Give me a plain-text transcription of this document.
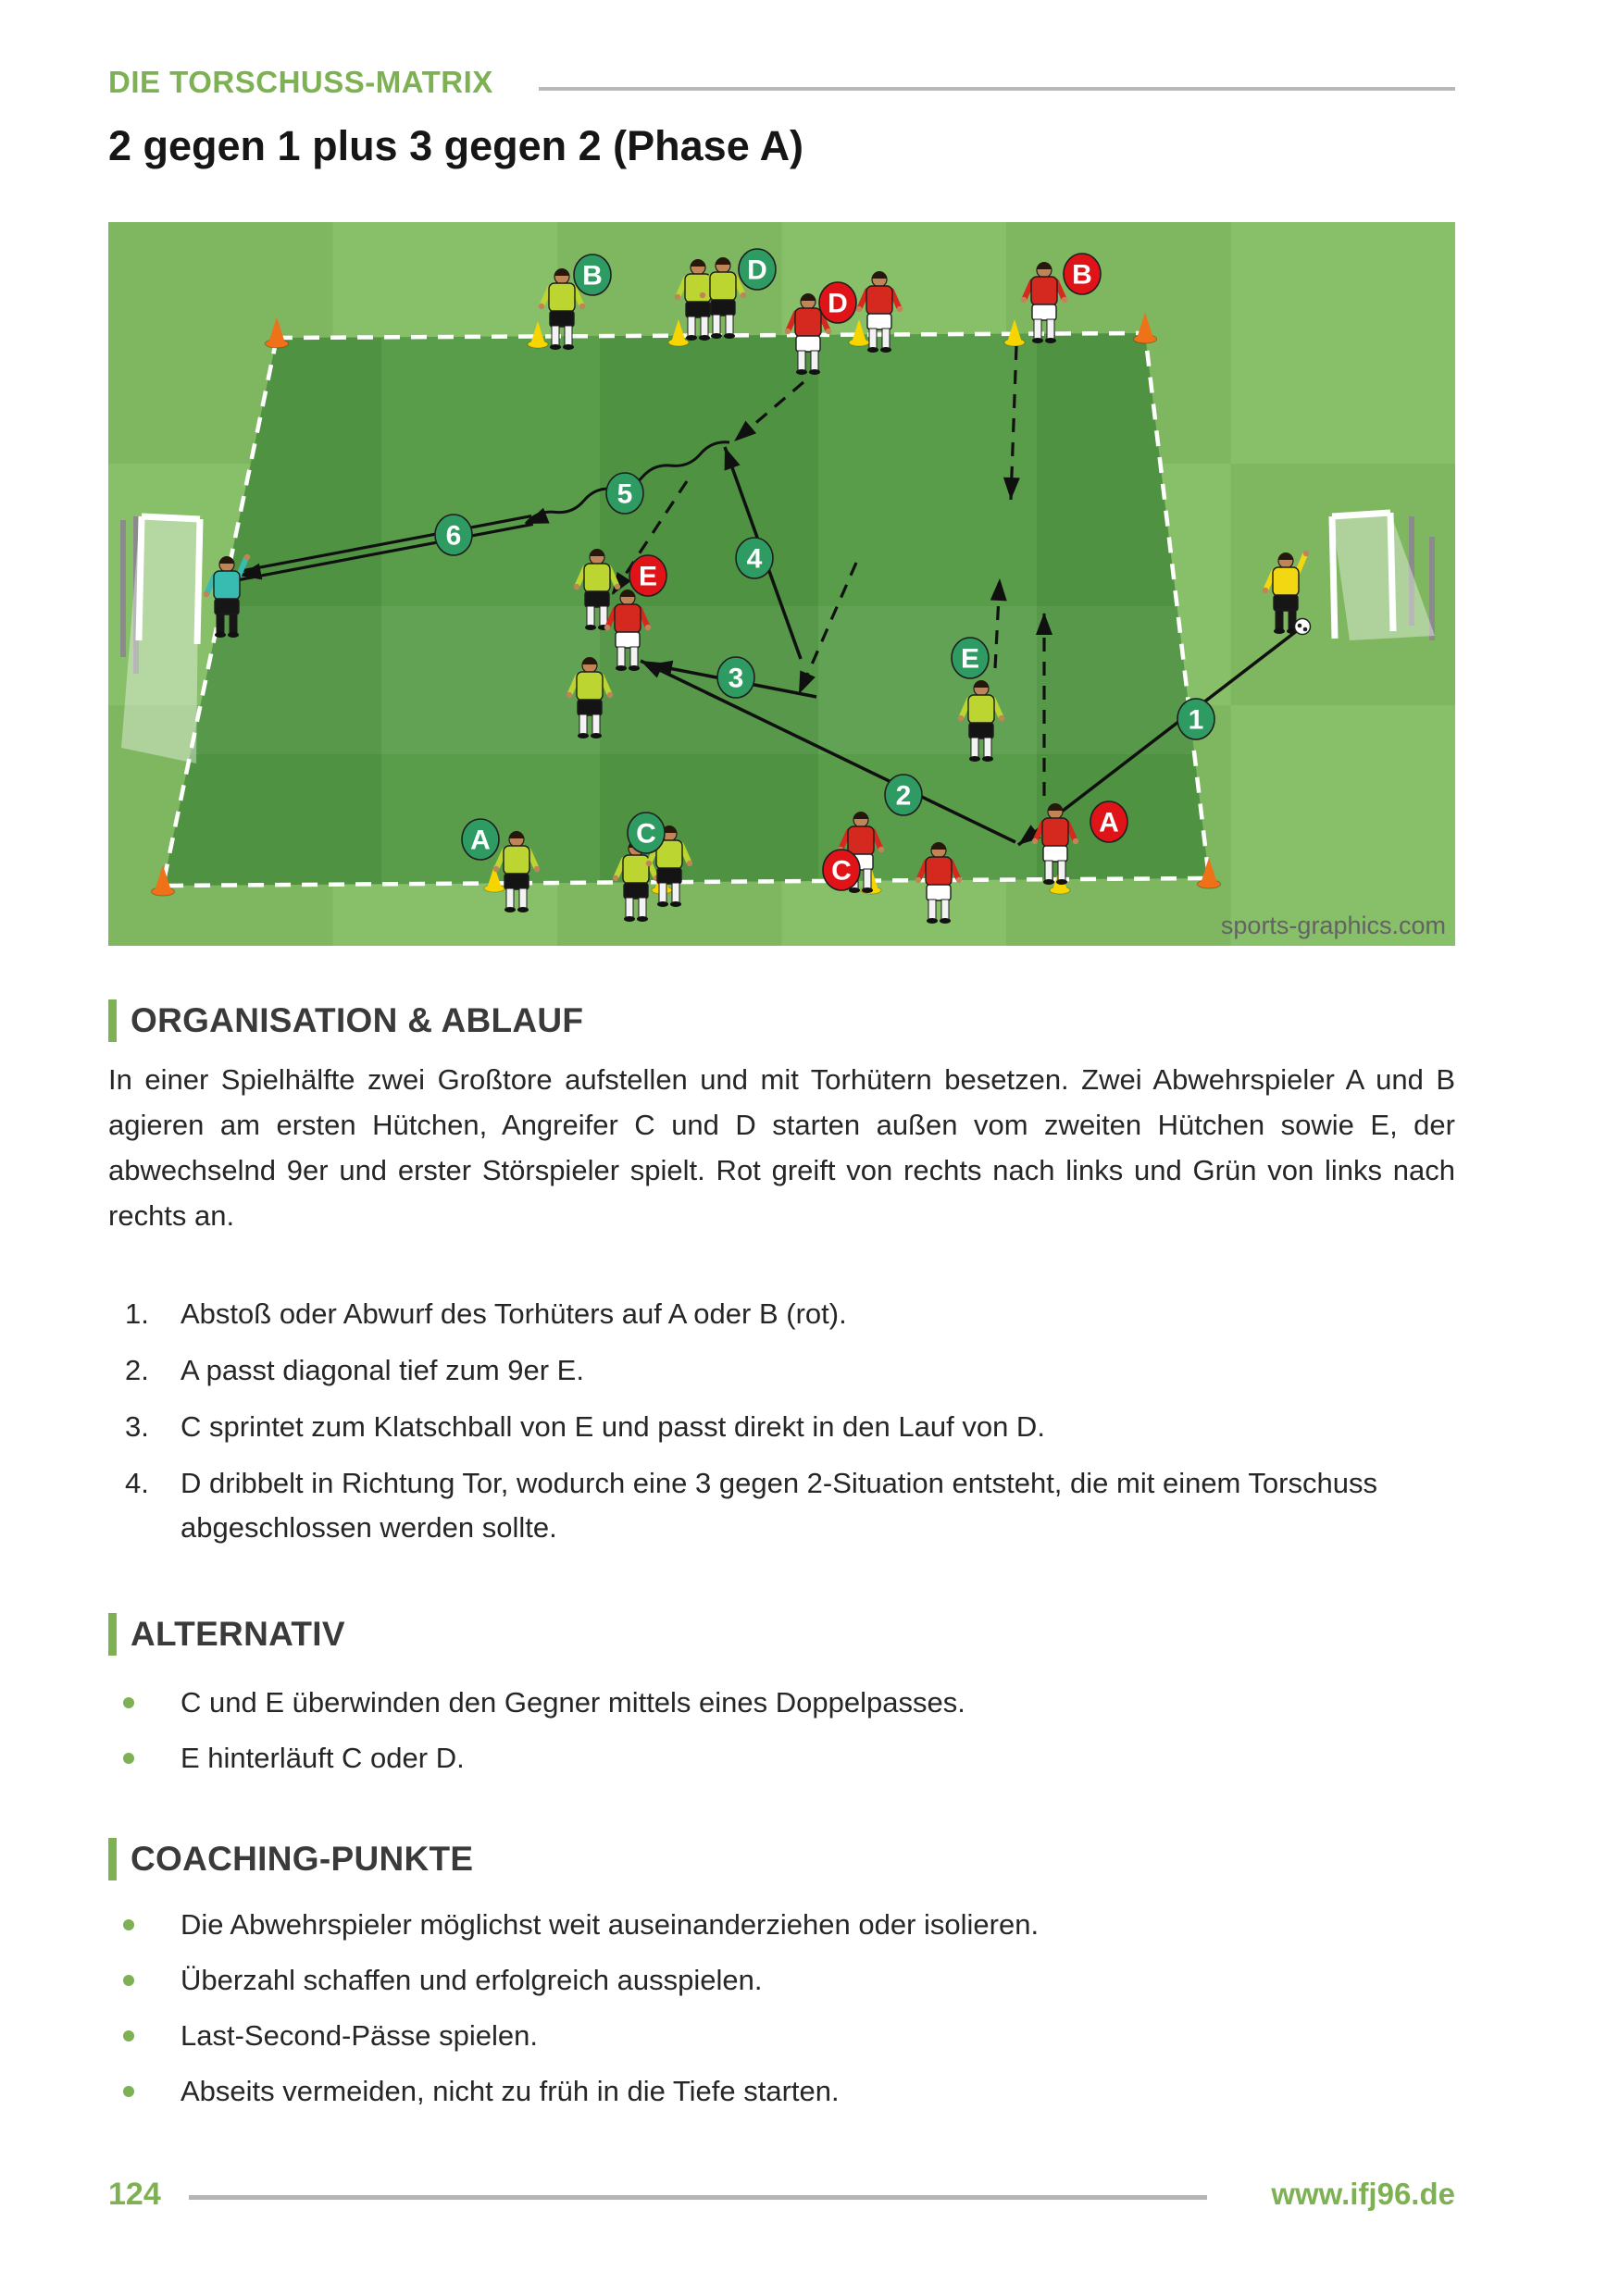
DIE TORSCHUSS-MATRIX
2 gegen 1 plus 3 gegen 2 (Phase A)
B	D
A	C
E
D
B
E
C
A
1
2
3
4
5
6
sports-graphics.com
ORGANISATION & ABLAUF
In einer Spielhälfte zwei Großtore aufstellen und mit Torhütern besetzen. Zwei Abwehrspieler A und B agieren am ersten Hütchen, Angreifer C und D starten außen vom zweiten Hütchen sowie E, der abwechselnd 9er und erster Störspieler spielt. Rot greift von rechts nach links und Grün von links nach rechts an.
1. Abstoß oder Abwurf des Torhüters auf A oder B (rot).
2. A passt diagonal tief zum 9er E.
3. C sprintet zum Klatschball von E und passt direkt in den Lauf von D.
4. D dribbelt in Richtung Tor, wodurch eine 3 gegen 2-Situation entsteht, die mit einem Torschuss abgeschlossen werden sollte.
ALTERNATIV
C und E überwinden den Gegner mittels eines Doppelpasses.
E hinterläuft C oder D.
COACHING-PUNKTE
Die Abwehrspieler möglichst weit auseinanderziehen oder isolieren.
Überzahl schaffen und erfolgreich ausspielen.
Last-Second-Pässe spielen.
Abseits vermeiden, nicht zu früh in die Tiefe starten.
124	www.ifj96.de
